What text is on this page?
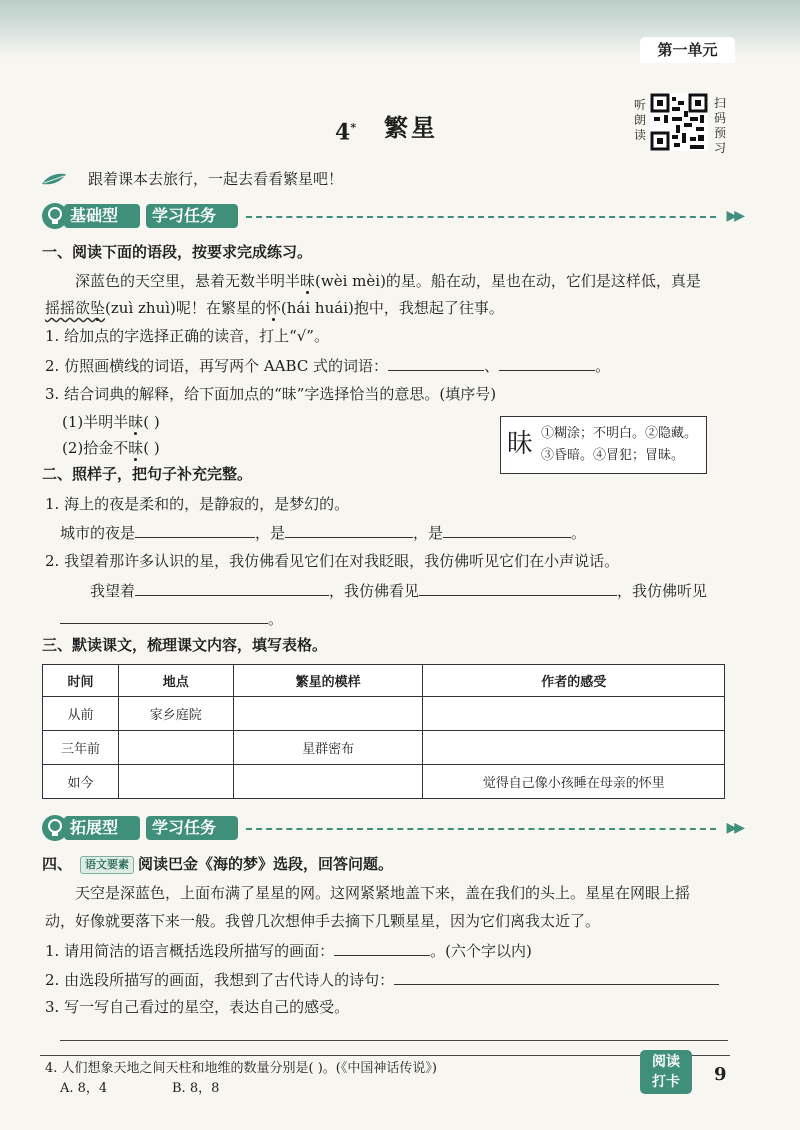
第一单元
4* 繁星
听朗读
扫码预习
跟着课本去旅行，一起去看看繁星吧！
基础型	学习任务	▶▶
一、阅读下面的语段，按要求完成练习。
深蓝色的天空里，悬着无数半明半昧(wèi mèi)的星。船在动，星也在动，它们是这样低，真是
摇摇欲坠(zuì zhuì)呢！在繁星的怀(hái huái)抱中，我想起了往事。
1. 给加点的字选择正确的读音，打上“√”。
2. 仿照画横线的词语，再写两个 AABC 式的词语：	、	。
3. 结合词典的解释，给下面加点的“昧”字选择恰当的意思。(填序号)
(1)半明半昧( )
(2)拾金不昧( )	昧 ①糊涂；不明白。②隐藏。
③昏暗。④冒犯；冒昧。
二、照样子，把句子补充完整。
1. 海上的夜是柔和的，是静寂的，是梦幻的。
城市的夜是	，是	，是	。
2. 我望着那许多认识的星，我仿佛看见它们在对我眨眼，我仿佛听见它们在小声说话。
我望着	，我仿佛看见	，我仿佛听见
。
三、默读课文，梳理课文内容，填写表格。
时间	地点	繁星的模样	作者的感受
从前	家乡庭院		
三年前		星群密布	
如今			觉得自己像小孩睡在母亲的怀里
拓展型	学习任务	▶▶
四、 语文要素 阅读巴金《海的梦》选段，回答问题。
天空是深蓝色，上面布满了星星的网。这网紧紧地盖下来，盖在我们的头上。星星在网眼上摇
动，好像就要落下来一般。我曾几次想伸手去摘下几颗星星，因为它们离我太近了。
1. 请用简洁的语言概括选段所描写的画面：	。(六个字以内)
2. 由选段所描写的画面，我想到了古代诗人的诗句：
3. 写一写自己看过的星空，表达自己的感受。
4. 人们想象天地之间天柱和地维的数量分别是( )。(《中国神话传说》)
A. 8，4	B. 8，8
阅读
打卡	9
